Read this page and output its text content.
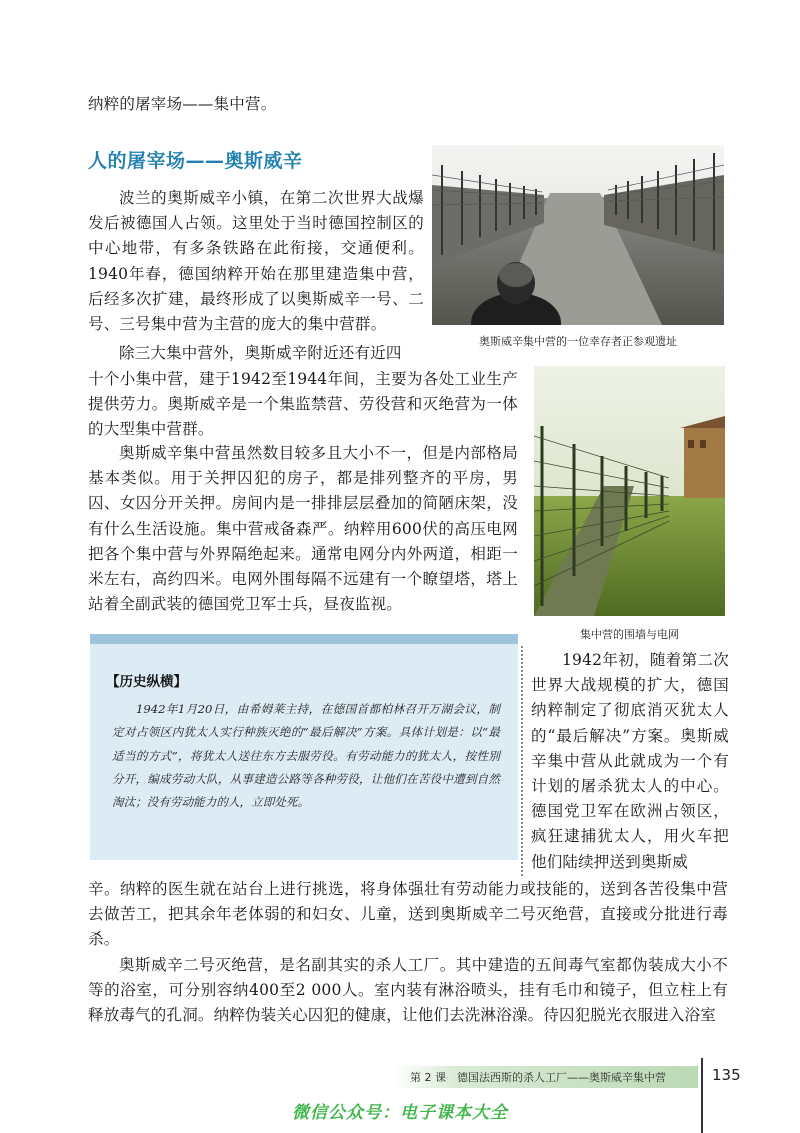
纳粹的屠宰场——集中营。

人的屠宰场——奥斯威辛

波兰的奥斯威辛小镇，在第二次世界大战爆发后被德国人占领。这里处于当时德国控制区的中心地带，有多条铁路在此衔接，交通便利。1940年春，德国纳粹开始在那里建造集中营，后经多次扩建，最终形成了以奥斯威辛一号、二号、三号集中营为主营的庞大的集中营群。

除三大集中营外，奥斯威辛附近还有近四

十个小集中营，建于1942至1944年间，主要为各处工业生产提供劳力。奥斯威辛是一个集监禁营、劳役营和灭绝营为一体的大型集中营群。

奥斯威辛集中营虽然数目较多且大小不一，但是内部格局基本类似。用于关押囚犯的房子，都是排列整齐的平房，男囚、女囚分开关押。房间内是一排排层层叠加的简陋床架，没有什么生活设施。集中营戒备森严。纳粹用600伏的高压电网把各个集中营与外界隔绝起来。通常电网分内外两道，相距一米左右，高约四米。电网外围每隔不远建有一个瞭望塔，塔上站着全副武装的德国党卫军士兵，昼夜监视。

1942年初，随着第二次世界大战规模的扩大，德国纳粹制定了彻底消灭犹太人的“最后解决”方案。奥斯威辛集中营从此就成为一个有计划的屠杀犹太人的中心。德国党卫军在欧洲占领区，疯狂逮捕犹太人，用火车把他们陆续押送到奥斯威

辛。纳粹的医生就在站台上进行挑选，将身体强壮有劳动能力或技能的，送到各苦役集中营去做苦工，把其余年老体弱的和妇女、儿童，送到奥斯威辛二号灭绝营，直接或分批进行毒杀。

奥斯威辛二号灭绝营，是名副其实的杀人工厂。其中建造的五间毒气室都伪装成大小不等的浴室，可分别容纳400至2 000人。室内装有淋浴喷头，挂有毛巾和镜子，但立柱上有释放毒气的孔洞。纳粹伪装关心囚犯的健康，让他们去洗淋浴澡。待囚犯脱光衣服进入浴室

奥斯威辛集中营的一位幸存者正参观遗址

集中营的围墙与电网

【历史纵横】

1942年1月20日，由希姆莱主持，在德国首都柏林召开万湖会议，制定对占领区内犹太人实行种族灭绝的“最后解决”方案。具体计划是：以“最适当的方式”，将犹太人送往东方去服劳役。有劳动能力的犹太人，按性别分开，编成劳动大队，从事建造公路等各种劳役，让他们在苦役中遭到自然淘汰；没有劳动能力的人，立即处死。

第 2 课　德国法西斯的杀人工厂——奥斯威辛集中营	135

微信公众号：电子课本大全
